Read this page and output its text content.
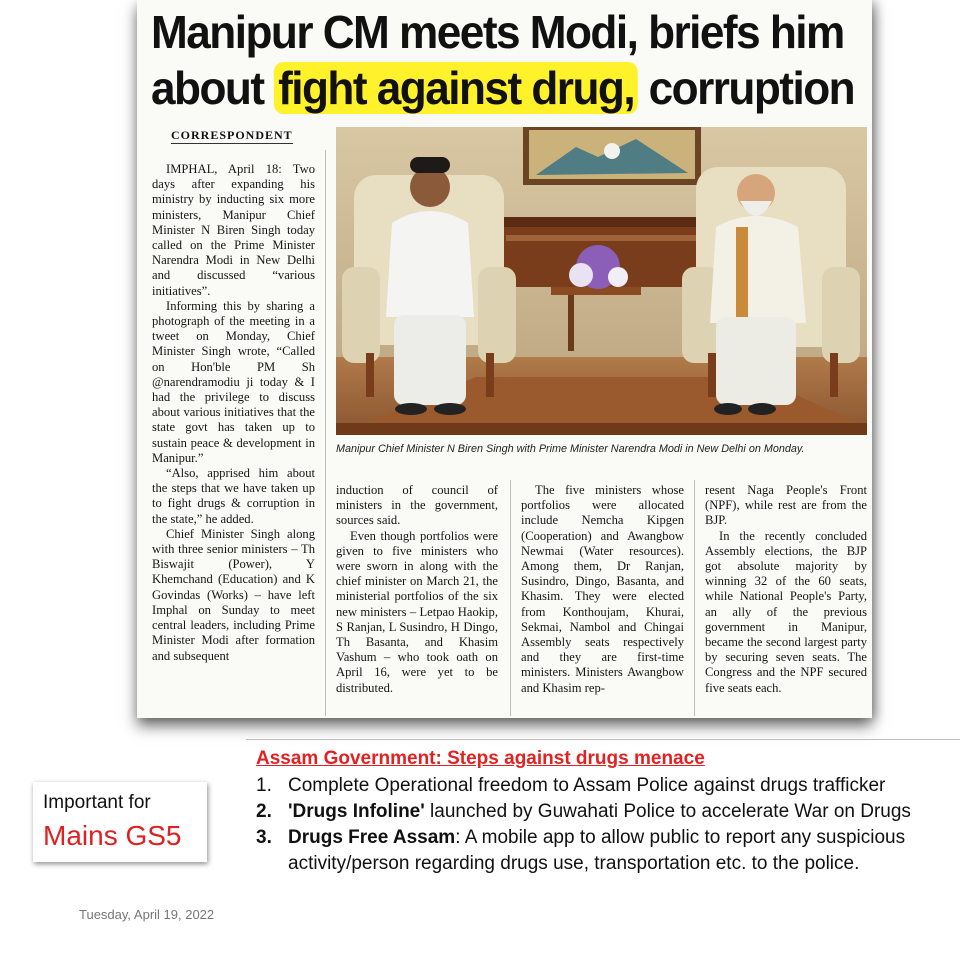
Manipur CM meets Modi, briefs him
about fight against drug, corruption
CORRESPONDENT

IMPHAL, April 18: Two days after expanding his ministry by inducting six more ministers, Manipur Chief Minister N Biren Singh today called on the Prime Minister Narendra Modi in New Delhi and discussed “various initiatives”.

Informing this by sharing a photograph of the meeting in a tweet on Monday, Chief Minister Singh wrote, “Called on Hon'ble PM Sh @narendramodiu ji today & I had the privilege to discuss about various initiatives that the state govt has taken up to sustain peace & development in Manipur.”

“Also, apprised him about the steps that we have taken up to fight drugs & corruption in the state,” he added.

Chief Minister Singh along with three senior ministers – Th Biswajit (Power), Y Khemchand (Education) and K Govindas (Works) – have left Imphal on Sunday to meet central leaders, including Prime Minister Modi after formation and subsequent

Manipur Chief Minister N Biren Singh with Prime Minister Narendra Modi in New Delhi on Monday.

induction of council of ministers in the government, sources said.

Even though portfolios were given to five ministers who were sworn in along with the chief minister on March 21, the ministerial portfolios of the six new ministers – Letpao Haokip, S Ranjan, L Susindro, H Dingo, Th Basanta, and Khasim Vashum – who took oath on April 16, were yet to be distributed.

The five ministers whose portfolios were allocated include Nemcha Kipgen (Cooperation) and Awangbow Newmai (Water resources). Among them, Dr Ranjan, Susindro, Dingo, Basanta, and Khasim. They were elected from Konthoujam, Khurai, Sekmai, Nambol and Chingai Assembly seats respectively and they are first-time ministers. Ministers Awangbow and Khasim rep-

resent Naga People's Front (NPF), while rest are from the BJP.

In the recently concluded Assembly elections, the BJP got absolute majority by winning 32 of the 60 seats, while National People's Party, an ally of the previous government in Manipur, became the second largest party by securing seven seats. The Congress and the NPF secured five seats each.

Assam Government: Steps against drugs menace
1. Complete Operational freedom to Assam Police against drugs trafficker
2. 'Drugs Infoline' launched by Guwahati Police to accelerate War on Drugs
3. Drugs Free Assam: A mobile app to allow public to report any suspicious activity/person regarding drugs use, transportation etc. to the police.
Important for
Mains GS5
Tuesday, April 19, 2022
